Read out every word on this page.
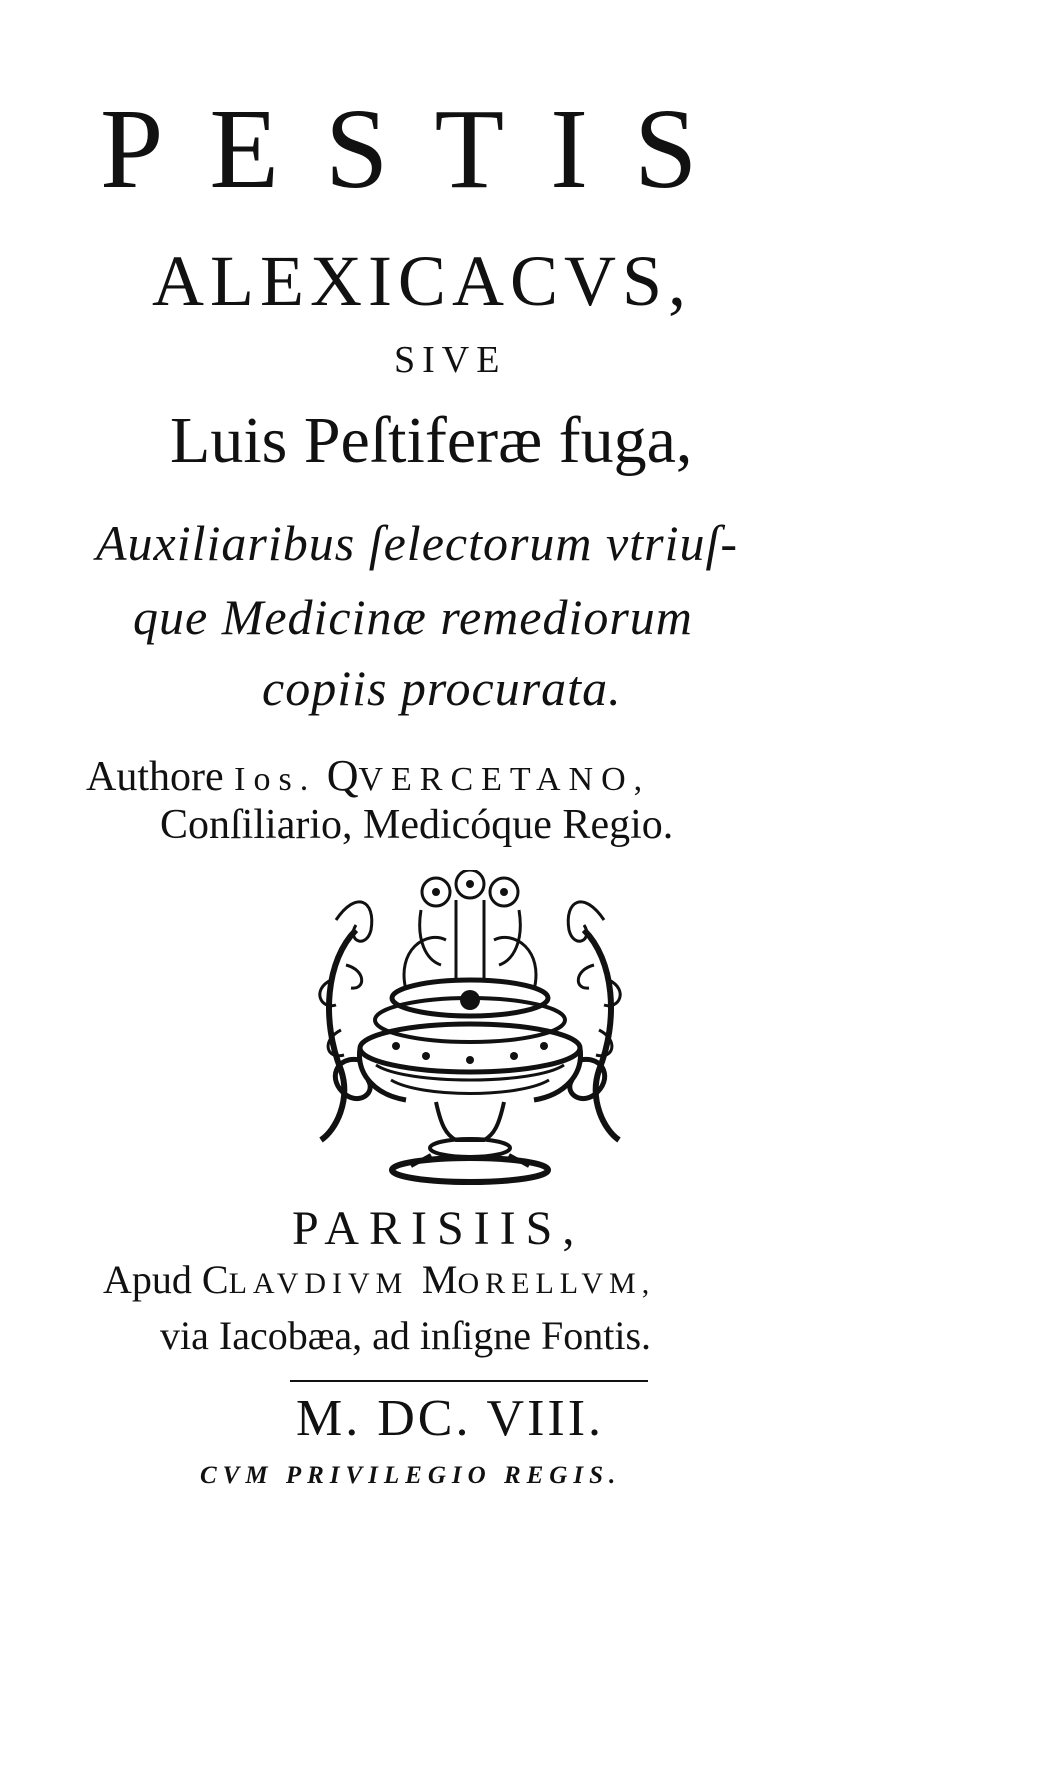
PESTIS
ALEXICACVS,
SIVE
Luis Peſtiferæ fuga,
Auxiliaribus ſelectorum vtriuſ-
que Medicinæ remediorum
copiis procurata.
Authore Ios. QVERCETANO,
Conſiliario, Medicóque Regio.
PARISIIS,
Apud CLAVDIVM MORELLVM,
via Iacobæa, ad inſigne Fontis.
M. DC. VIII.
CVM PRIVILEGIO REGIS.
